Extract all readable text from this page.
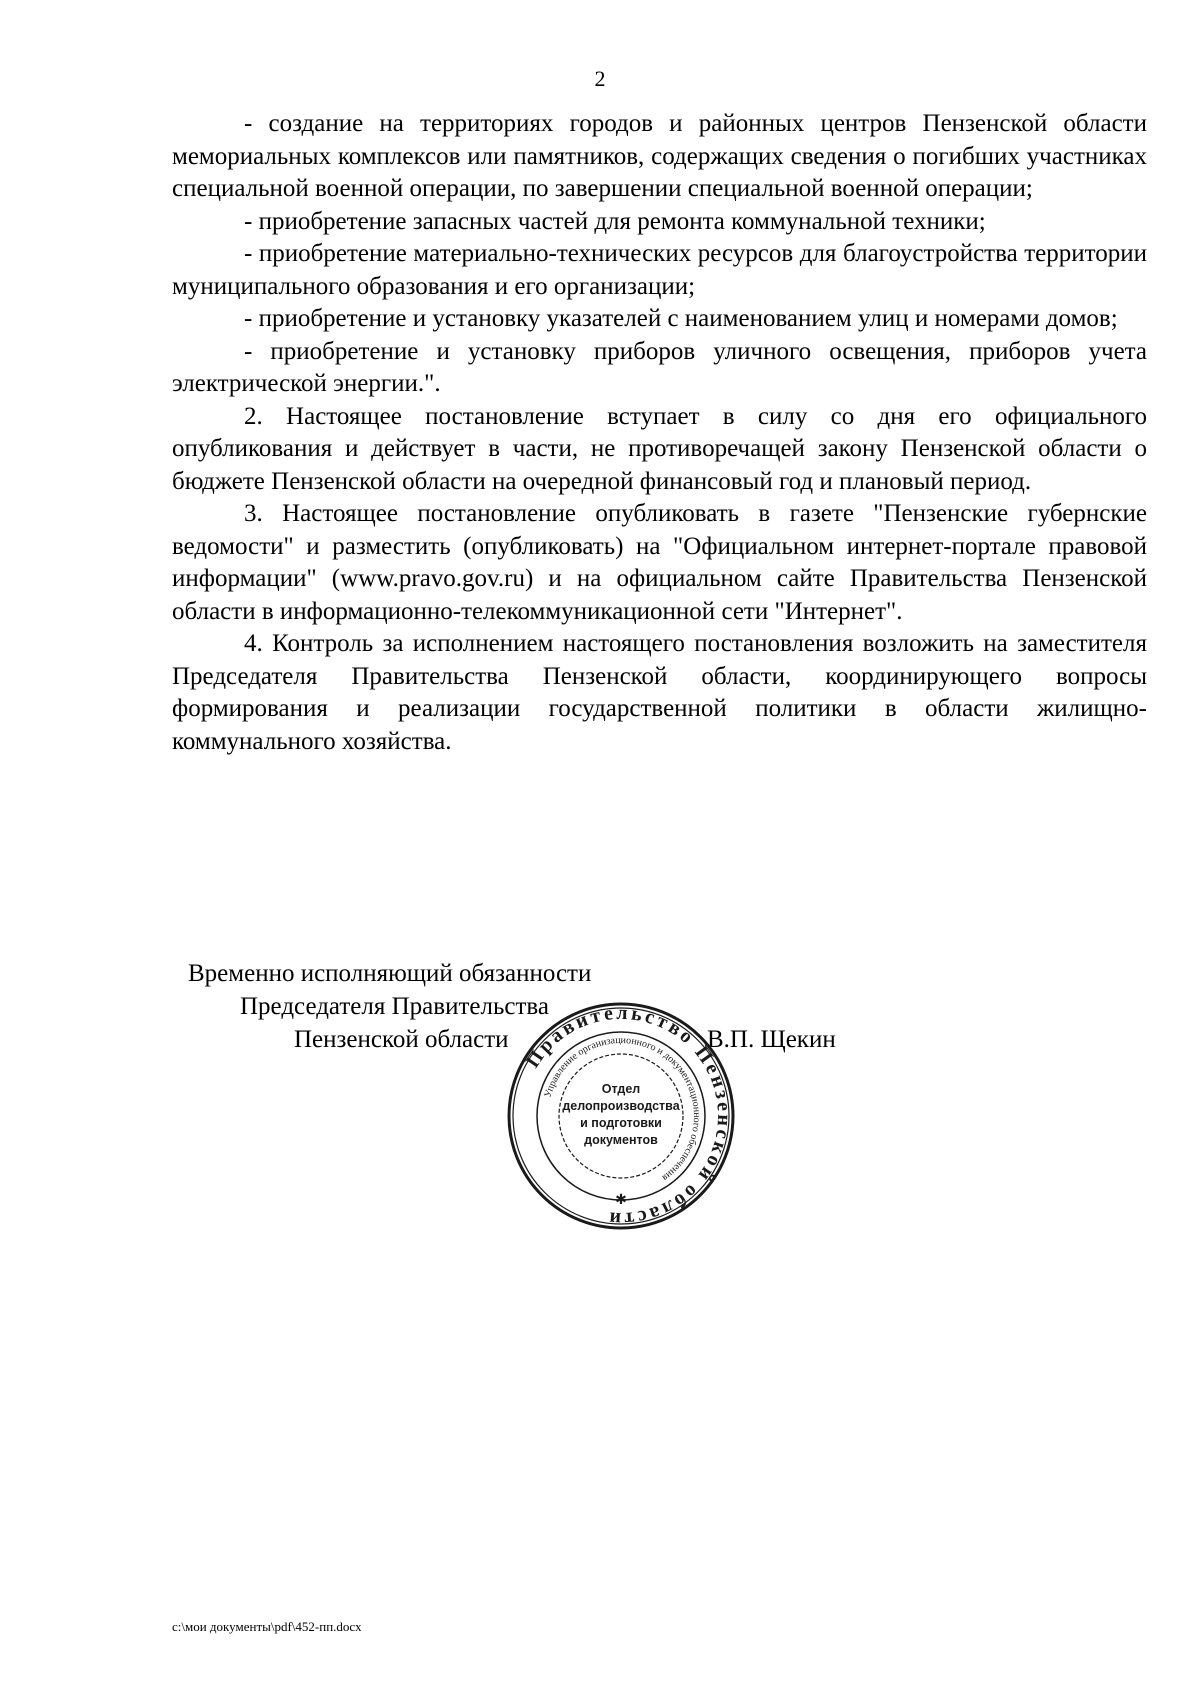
2

- создание на территориях городов и районных центров Пензенской области мемориальных комплексов или памятников, содержащих сведения о погибших участниках специальной военной операции, по завершении специальной военной операции;

- приобретение запасных частей для ремонта коммунальной техники;

- приобретение материально-технических ресурсов для благоустройства территории муниципального образования и его организации;

- приобретение и установку указателей с наименованием улиц и номерами домов;

- приобретение и установку приборов уличного освещения, приборов учета электрической энергии.".

2. Настоящее постановление вступает в силу со дня его официального опубликования и действует в части, не противоречащей закону Пензенской области о бюджете Пензенской области на очередной финансовый год и плановый период.

3. Настоящее постановление опубликовать в газете "Пензенские губернские ведомости" и разместить (опубликовать) на "Официальном интернет-портале правовой информации" (www.pravo.gov.ru) и на официальном сайте Правительства Пензенской области в информационно-телекоммуникационной сети "Интернет".

4. Контроль за исполнением настоящего постановления возложить на заместителя Председателя Правительства Пензенской области, координирующего вопросы формирования и реализации государственной политики в области жилищно-коммунального хозяйства.

Временно исполняющий обязанности
Председателя Правительства
Пензенской области	В.П. Щекин
Правительство Пензенской области
Управление организационного и документационного обеспечения
Отдел
делопроизводства
и подготовки
документов
✱
c:\мои документы\pdf\452-пп.docx
